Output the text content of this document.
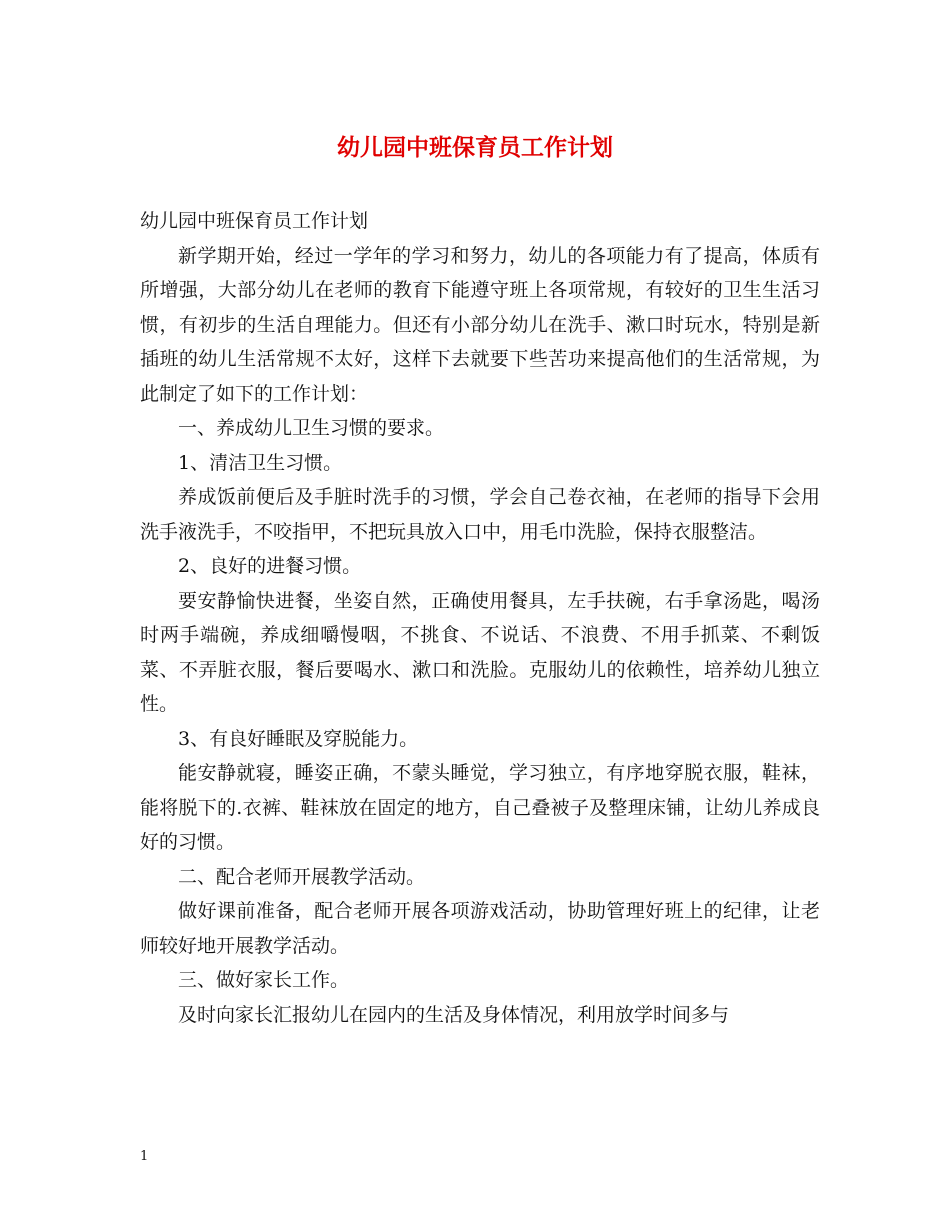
幼儿园中班保育员工作计划

幼儿园中班保育员工作计划

新学期开始，经过一学年的学习和努力，幼儿的各项能力有了提高，体质有所增强，大部分幼儿在老师的教育下能遵守班上各项常规，有较好的卫生生活习惯，有初步的生活自理能力。但还有小部分幼儿在洗手、漱口时玩水，特别是新插班的幼儿生活常规不太好，这样下去就要下些苦功来提高他们的生活常规，为此制定了如下的工作计划：

一、养成幼儿卫生习惯的要求。

1、清洁卫生习惯。

养成饭前便后及手脏时洗手的习惯，学会自己卷衣袖，在老师的指导下会用洗手液洗手，不咬指甲，不把玩具放入口中，用毛巾洗脸，保持衣服整洁。

2、良好的进餐习惯。

要安静愉快进餐，坐姿自然，正确使用餐具，左手扶碗，右手拿汤匙，喝汤时两手端碗，养成细嚼慢咽，不挑食、不说话、不浪费、不用手抓菜、不剩饭菜、不弄脏衣服，餐后要喝水、漱口和洗脸。克服幼儿的依赖性，培养幼儿独立性。

3、有良好睡眠及穿脱能力。

能安静就寝，睡姿正确，不蒙头睡觉，学习独立，有序地穿脱衣服，鞋袜，能将脱下的.衣裤、鞋袜放在固定的地方，自己叠被子及整理床铺，让幼儿养成良好的习惯。

二、配合老师开展教学活动。

做好课前准备，配合老师开展各项游戏活动，协助管理好班上的纪律，让老师较好地开展教学活动。

三、做好家长工作。

及时向家长汇报幼儿在园内的生活及身体情况，利用放学时间多与

1
